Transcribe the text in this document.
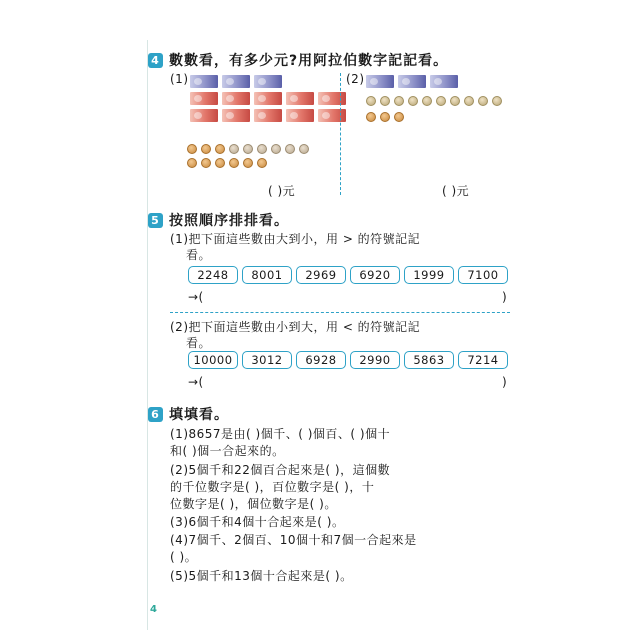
4 數數看，有多少元?用阿拉伯數字記記看。
(1)
( )元
(2)
( )元
5 按照順序排排看。
(1)把下面這些數由大到小，用 > 的符號記記
看。
2248	8001	2969	6920	1999	7100
→(	)
(2)把下面這些數由小到大，用 < 的符號記記
看。
10000	3012	6928	2990	5863	7214
→(	)
6 填填看。
(1)8657是由( )個千、( )個百、( )個十
和( )個一合起來的。
(2)5個千和22個百合起來是( )，這個數
的千位數字是( )，百位數字是( )，十
位數字是( )，個位數字是( )。
(3)6個千和4個十合起來是( )。
(4)7個千、2個百、10個十和7個一合起來是
( )。
(5)5個千和13個十合起來是( )。
4
